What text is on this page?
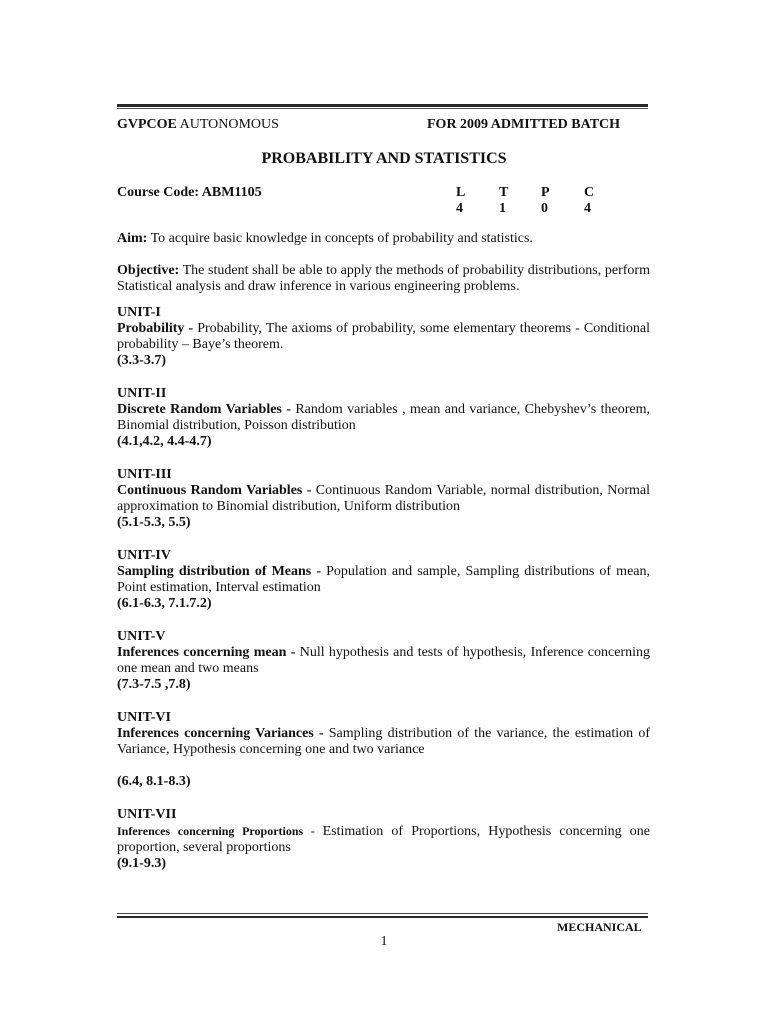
GVPCOE AUTONOMOUS	FOR 2009 ADMITTED BATCH
PROBABILITY AND STATISTICS
Course Code: ABM1105	L
4
T
1
P
0
C
4
Aim: To acquire basic knowledge in concepts of probability and statistics.
Objective: The student shall be able to apply the methods of probability distributions, perform Statistical analysis and draw inference in various engineering problems.
UNIT-I
Probability - Probability, The axioms of probability, some elementary theorems - Conditional probability – Baye’s theorem.
(3.3-3.7)
UNIT-II
Discrete Random Variables - Random variables , mean and variance, Chebyshev’s theorem, Binomial distribution, Poisson distribution
(4.1,4.2, 4.4-4.7)
UNIT-III
Continuous Random Variables - Continuous Random Variable, normal distribution, Normal approximation to Binomial distribution, Uniform distribution
(5.1-5.3, 5.5)
UNIT-IV
Sampling distribution of Means - Population and sample, Sampling distributions of mean, Point estimation, Interval estimation
(6.1-6.3, 7.1.7.2)
UNIT-V
Inferences concerning mean - Null hypothesis and tests of hypothesis, Inference concerning one mean and two means
(7.3-7.5 ,7.8)
UNIT-VI
Inferences concerning Variances - Sampling distribution of the variance, the estimation of Variance, Hypothesis concerning one and two variance
(6.4, 8.1-8.3)
UNIT-VII
Inferences concerning Proportions - Estimation of Proportions, Hypothesis concerning one proportion, several proportions
(9.1-9.3)
MECHANICAL
1
